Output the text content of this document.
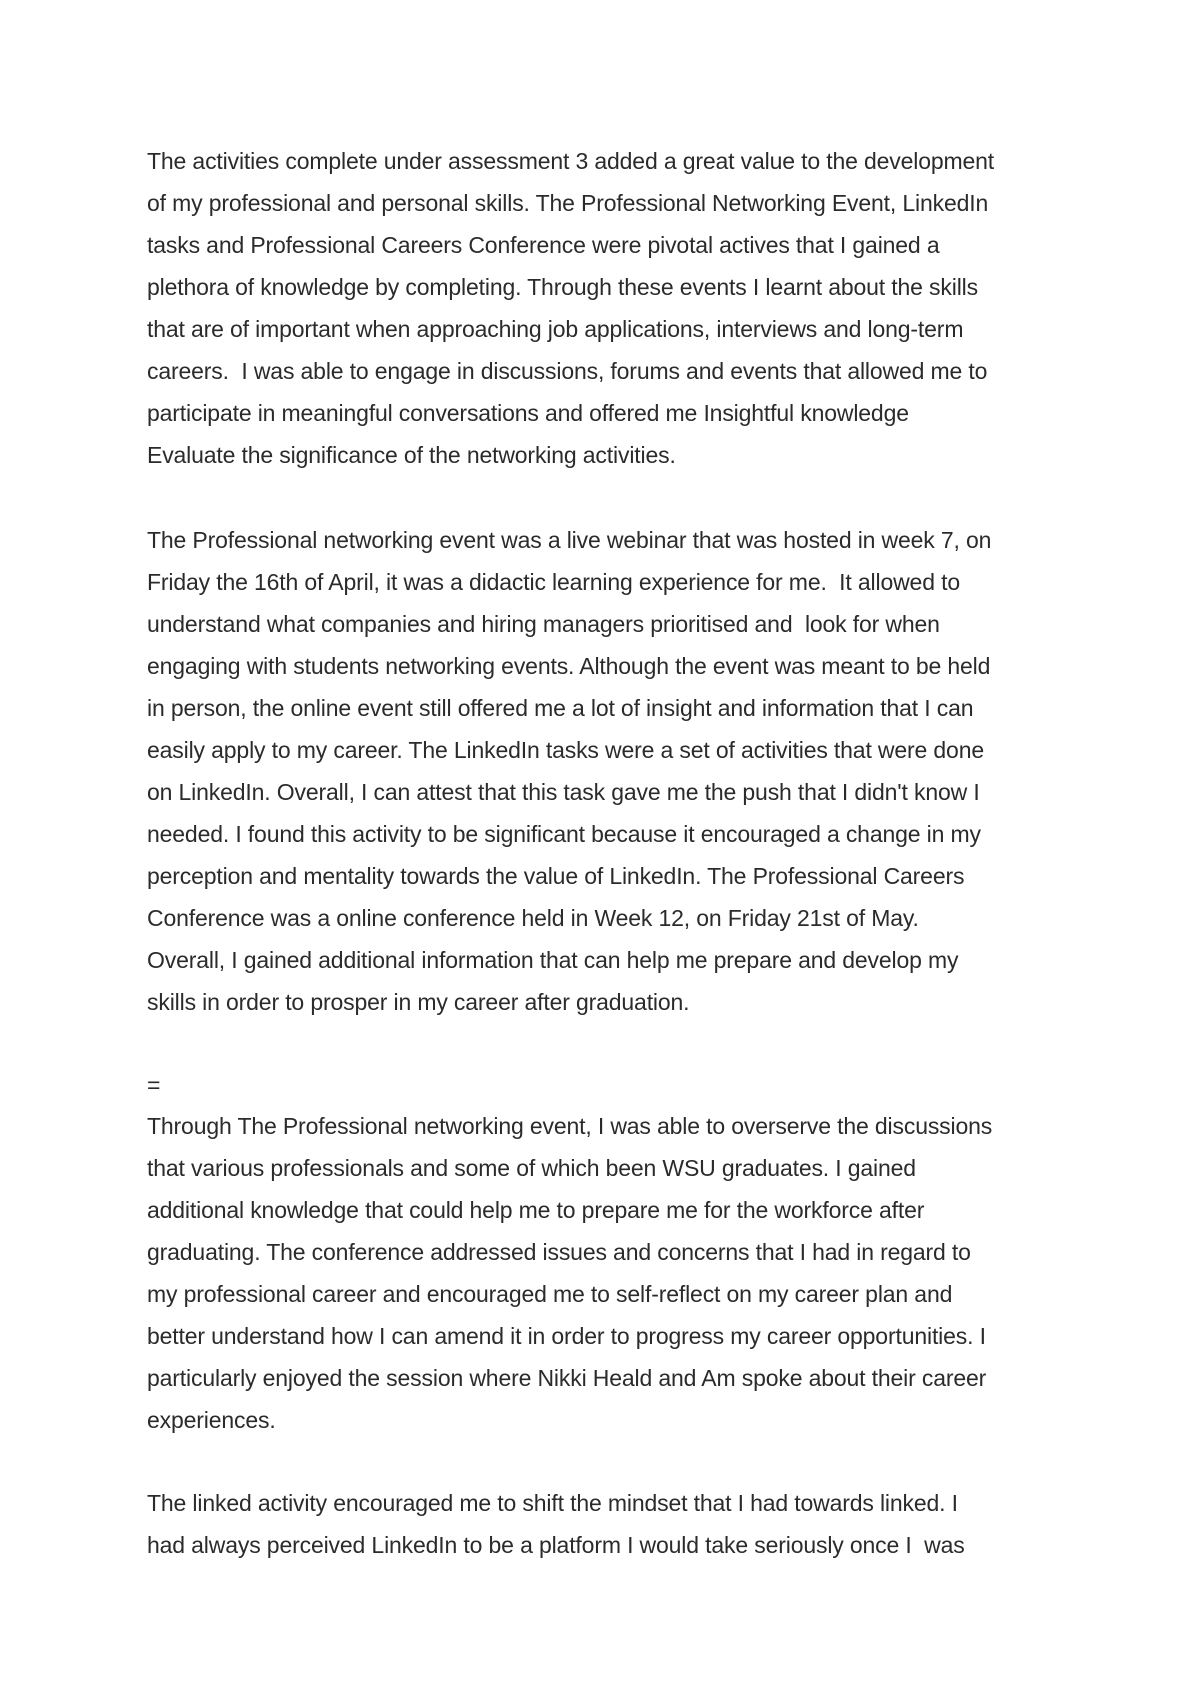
The activities complete under assessment 3 added a great value to the development
of my professional and personal skills. The Professional Networking Event, LinkedIn
tasks and Professional Careers Conference were pivotal actives that I gained a
plethora of knowledge by completing. Through these events I learnt about the skills
that are of important when approaching job applications, interviews and long-term
careers.  I was able to engage in discussions, forums and events that allowed me to
participate in meaningful conversations and offered me Insightful knowledge
Evaluate the significance of the networking activities.
The Professional networking event was a live webinar that was hosted in week 7, on
Friday the 16th of April, it was a didactic learning experience for me.  It allowed to
understand what companies and hiring managers prioritised and  look for when
engaging with students networking events. Although the event was meant to be held
in person, the online event still offered me a lot of insight and information that I can
easily apply to my career. The LinkedIn tasks were a set of activities that were done
on LinkedIn. Overall, I can attest that this task gave me the push that I didn't know I
needed. I found this activity to be significant because it encouraged a change in my
perception and mentality towards the value of LinkedIn. The Professional Careers
Conference was a online conference held in Week 12, on Friday 21st of May.
Overall, I gained additional information that can help me prepare and develop my
skills in order to prosper in my career after graduation.
=
Through The Professional networking event, I was able to overserve the discussions
that various professionals and some of which been WSU graduates. I gained
additional knowledge that could help me to prepare me for the workforce after
graduating. The conference addressed issues and concerns that I had in regard to
my professional career and encouraged me to self-reflect on my career plan and
better understand how I can amend it in order to progress my career opportunities. I
particularly enjoyed the session where Nikki Heald and Am spoke about their career
experiences.
The linked activity encouraged me to shift the mindset that I had towards linked. I
had always perceived LinkedIn to be a platform I would take seriously once I  was
